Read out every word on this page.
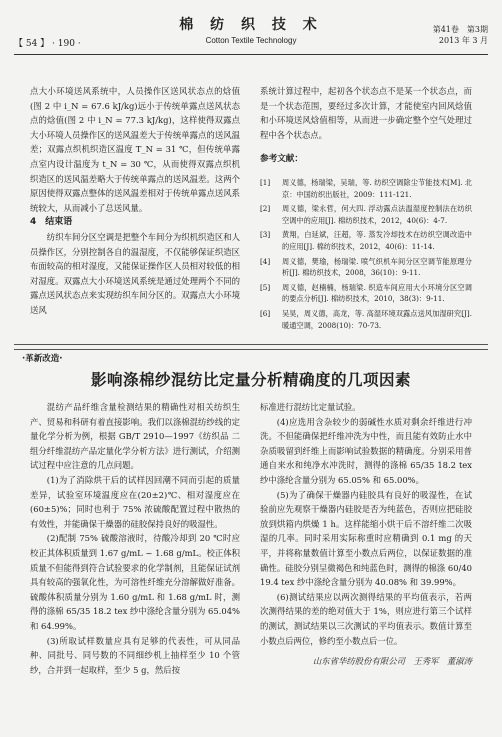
【 54 】 · 190 ·
棉 纺 织 技 术
Cotton Textile Technology
第41卷　第3期
2013 年 3 月

点大小环境送风系统中，人员操作区送风状态点的焓值(图 2 中 i_N = 67.6 kJ/kg)远小于传统单露点送风状态点的焓值(图 2 中 i_N = 77.3 kJ/kg)，这样使得双露点大小环境人员操作区的送风温差大于传统单露点的送风温差；双露点织机织造区温度 T_N = 31 ℃，但传统单露点室内设计温度为 t_N = 30 ℃，从而使得双露点织机织造区的送风温差略大于传统单露点的送风温差。这两个原因使得双露点整体的送风温差相对于传统单露点送风系统较大，从而减小了总送风量。

4　结束语

纺织车间分区空调是把整个车间分为织机织造区和人员操作区，分别控制各自的温湿度，不仅能够保证织造区布面较高的相对湿度，又能保证操作区人员相对较低的相对湿度。双露点大小环境送风系统是通过处理两个不同的露点送风状态点来实现纺织车间分区的。双露点大小环境送风

系统计算过程中，起初各个状态点不是某一个状态点，而是一个状态范围，要经过多次计算，才能使室内回风焓值和小环境送风焓值相等，从而进一步确定整个空气处理过程中各个状态点。

参考文献：
[1]	周义德，杨瑞梁，吴瑞，等. 纺织空调除尘节能技术[M]. 北京：中国纺织出版社，2009：111-121.
[2]	周义德，梁永哲，何大四. 浮动露点法温湿度控制法在纺织空调中的应用[J]. 棉纺织技术，2012，40(6)：4-7.
[3]	黄翔，白延斌，汪超，等. 蒸发冷却技术在纺织空调改造中的应用[J]. 棉纺织技术，2012，40(6)：11-14.
[4]	周义德，樊瑜，杨瑞梁. 喷气织机车间分区空调节能原理分析[J]. 棉纺织技术，2008，36(10)：9-11.
[5]	周义德，赵楠楠，杨瑞梁. 织造车间应用大小环境分区空调的要点分析[J]. 棉纺织技术，2010，38(3)：9-11.
[6]	吴昊，周义德，高龙，等. 高湿环境双露点送风加湿研究[J]. 暖通空调，2008(10)：70-73.
·革新改造·
影响涤棉纱混纺比定量分析精确度的几项因素

混纺产品纤维含量检测结果的精确性对相关纺织生产、贸易和科研有着直接影响。我们以涤棉混纺纱线的定量化学分析为例，根据 GB/T 2910—1997《纺织品 二组分纤维混纺产品定量化学分析方法》进行测试，介绍测试过程中应注意的几点问题。

(1)为了消除烘干后的试样因回潮不同而引起的质量差异，试验室环境温度应在(20±2)℃、相对湿度应在(60±5)%；同时也利于 75% 浓硫酸配置过程中散热的有效性，并能确保干燥器的硅胶保持良好的吸湿性。

(2)配制 75% 硫酸溶液时，待酸冷却到 20 ℃时应校正其体积质量到 1.67 g/mL ~ 1.68 g/mL。校正体积质量不但能得到符合试验要求的化学制剂，且能保证试剂具有较高的强氧化性，为可溶性纤维充分溶解做好准备。硫酸体积质量分别为 1.60 g/mL 和 1.68 g/mL 时，测得的涤棉 65/35 18.2 tex 纱中涤纶含量分别为 65.04% 和 64.99%。

(3)所取试样数量应具有足够的代表性，可从同品种、同批号、同号数的不同细纱机上抽样至少 10 个管纱，合并到一起取样，至少 5 g，然后按

标准进行混纺比定量试验。

(4)应选用含杂较少的弱碱性水质对剩余纤维进行冲洗。不但能确保把纤维冲洗为中性，而且能有效防止水中杂质吸留到纤维上而影响试验数据的精确度。分别采用普通自来水和纯净水冲洗时，测得的涤棉 65/35 18.2 tex 纱中涤纶含量分别为 65.05% 和 65.00%。

(5)为了确保干燥器内硅胶具有良好的吸湿性，在试验前应先观察干燥器内硅胶是否为纯蓝色，否则应把硅胶放到烘箱内烘燥 1 h。这样能缩小烘干后不溶纤维二次吸湿的几率。同时采用实际称重时应精确到 0.1 mg 的天平，并将称量数值计算至小数点后两位，以保证数据的准确性。硅胶分别呈微褐色和纯蓝色时，测得的棉涤 60/40 19.4 tex 纱中涤纶含量分别为 40.08% 和 39.99%。

(6)测试结果应以两次测得结果的平均值表示，若两次测得结果的差的绝对值大于 1%，则应进行第三个试样的测试，测试结果以三次测试的平均值表示。数值计算至小数点后两位，修约至小数点后一位。

山东省华纺股份有限公司　王秀军　董淑涛
